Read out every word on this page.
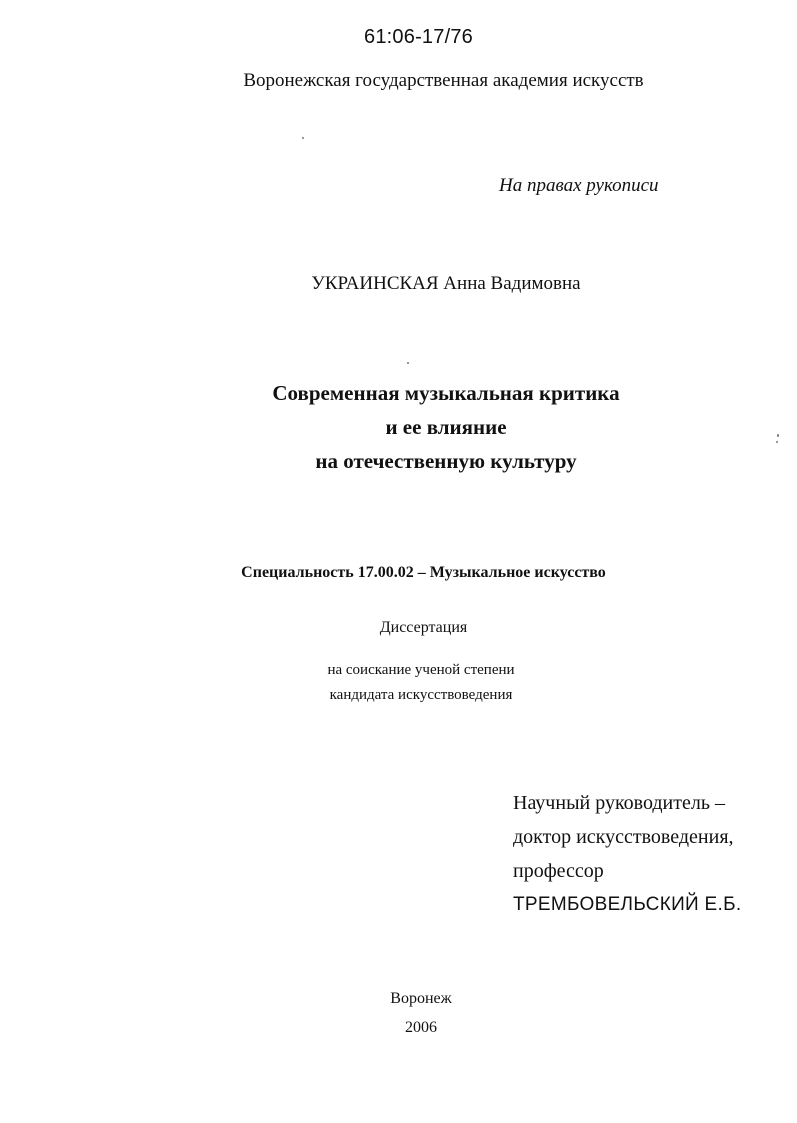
61:06-17/76
Воронежская государственная академия искусств
На правах рукописи
УКРАИНСКАЯ Анна Вадимовна
Современная музыкальная критика
и ее влияние
на отечественную культуру
Специальность 17.00.02 – Музыкальное искусство
Диссертация
на соискание ученой степени
кандидата искусствоведения
Научный руководитель –
доктор искусствоведения,
профессор
ТРЕМБОВЕЛЬСКИЙ Е.Б.
Воронеж
2006
